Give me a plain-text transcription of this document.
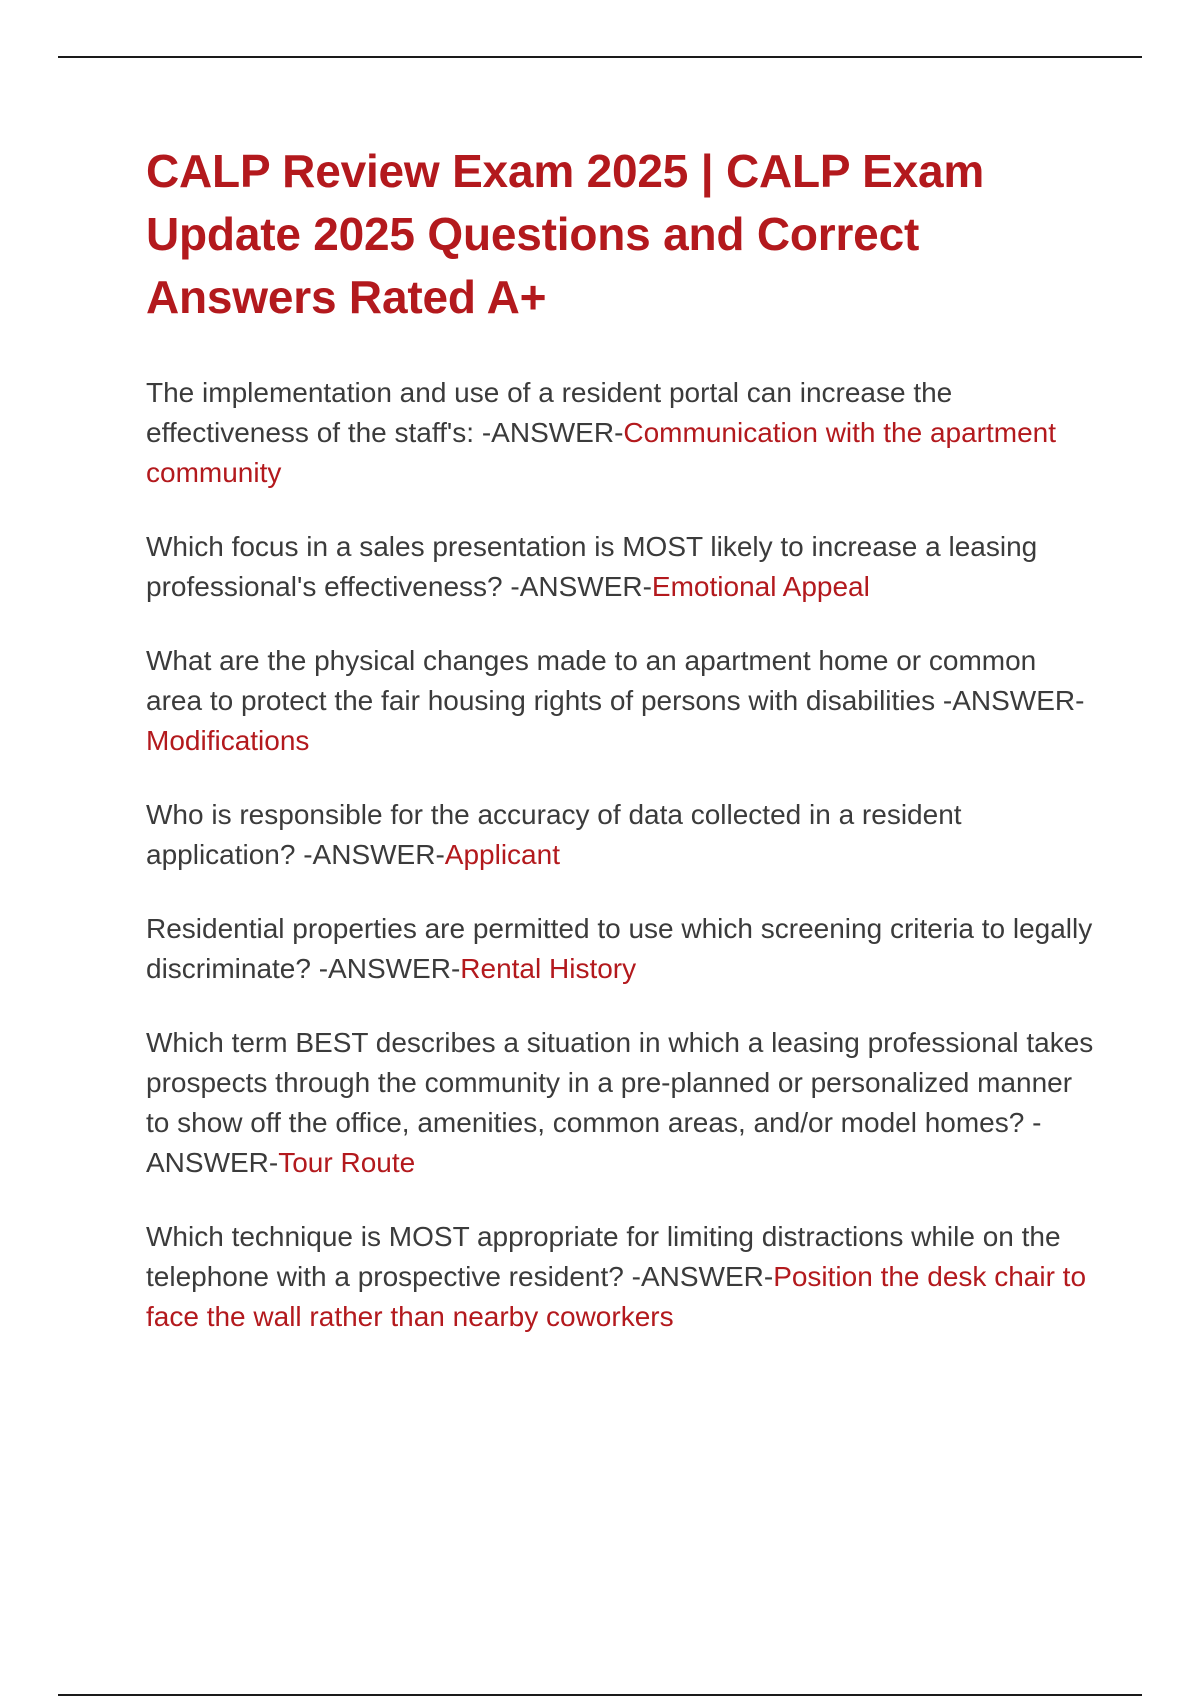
CALP Review Exam 2025 | CALP Exam Update 2025 Questions and Correct Answers Rated A+

The implementation and use of a resident portal can increase the effectiveness of the staff's: -ANSWER-Communication with the apartment community

Which focus in a sales presentation is MOST likely to increase a leasing professional's effectiveness? -ANSWER-Emotional Appeal

What are the physical changes made to an apartment home or common area to protect the fair housing rights of persons with disabilities -ANSWER-Modifications

Who is responsible for the accuracy of data collected in a resident application? -ANSWER-Applicant

Residential properties are permitted to use which screening criteria to legally discriminate? -ANSWER-Rental History

Which term BEST describes a situation in which a leasing professional takes prospects through the community in a pre-planned or personalized manner to show off the office, amenities, common areas, and/or model homes? -ANSWER-Tour Route

Which technique is MOST appropriate for limiting distractions while on the telephone with a prospective resident? -ANSWER-Position the desk chair to face the wall rather than nearby coworkers
